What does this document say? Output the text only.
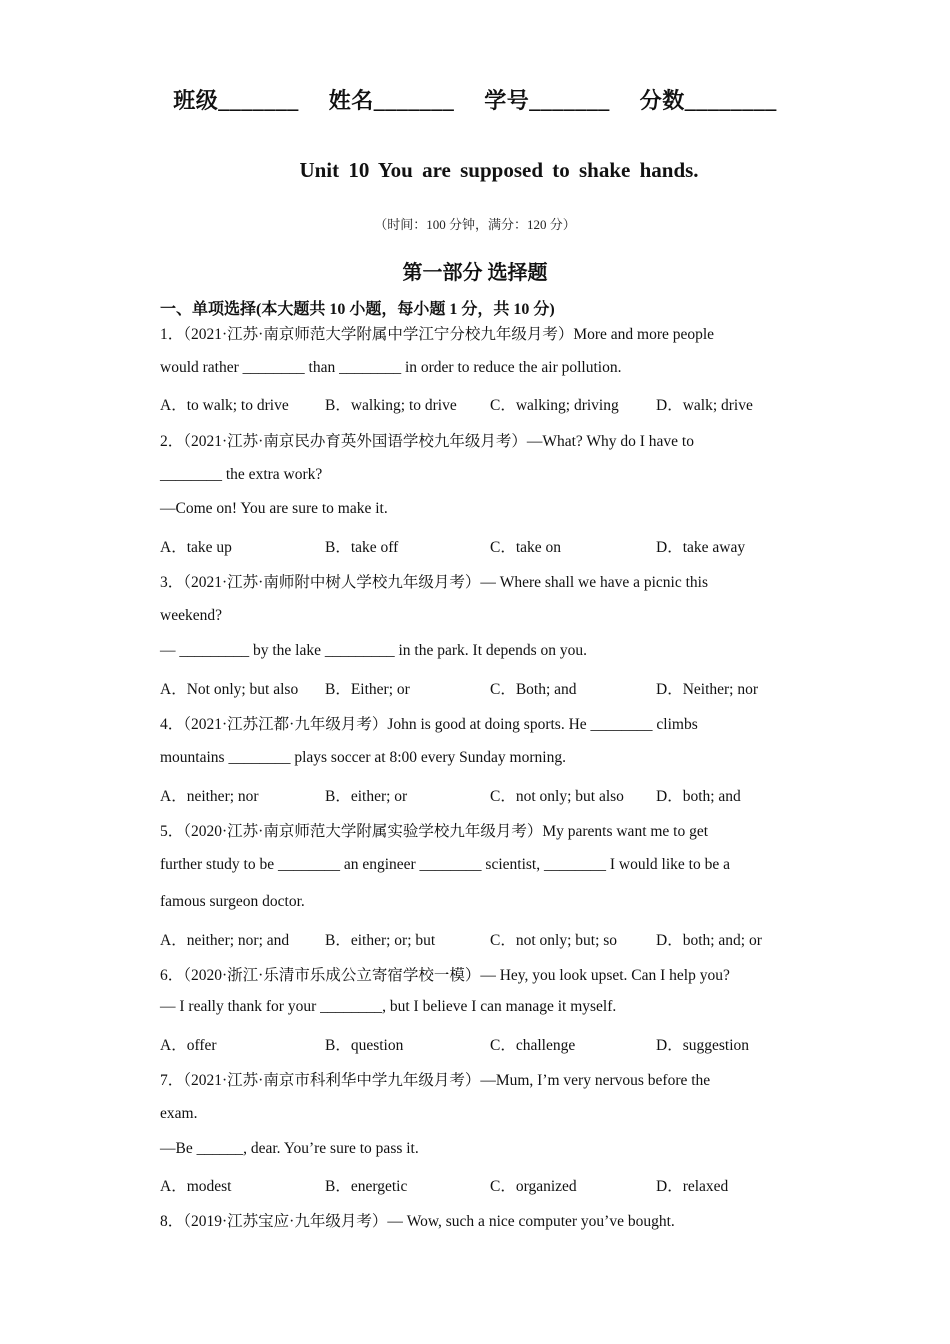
班级_______ 姓名_______ 学号_______ 分数________
Unit 10 You are supposed to shake hands.
（时间：100 分钟，满分：120 分）
第一部分 选择题
一、单项选择(本大题共 10 小题，每小题 1 分，共 10 分)
1．（2021·江苏·南京师范大学附属中学江宁分校九年级月考）More and more people
would rather ________ than ________ in order to reduce the air pollution.
A．to walk; to drive B．walking; to drive C．walking; driving D．walk; drive
2．（2021·江苏·南京民办育英外国语学校九年级月考）—What? Why do I have to
________ the extra work?
—Come on! You are sure to make it.
A．take up	B．take off	C．take on	D．take away
3．（2021·江苏·南师附中树人学校九年级月考）— Where shall we have a picnic this
weekend?
— _________ by the lake _________ in the park. It depends on you.
A．Not only; but also B．Either; or	C．Both; and	D．Neither; nor
4．（2021·江苏江都·九年级月考）John is good at doing sports. He ________ climbs
mountains ________ plays soccer at 8:00 every Sunday morning.
A．neither; nor	B．either; or	C．not only; but also D．both; and
5．（2020·江苏·南京师范大学附属实验学校九年级月考）My parents want me to get
further study to be ________ an engineer ________ scientist, ________ I would like to be a
famous surgeon doctor.
A．neither; nor; and B．either; or; but	C．not only; but; so	D．both; and; or
6．（2020·浙江·乐清市乐成公立寄宿学校一模）— Hey, you look upset. Can I help you?
— I really thank for your ________, but I believe I can manage it myself.
A．offer	B．question	C．challenge	D．suggestion
7．（2021·江苏·南京市科利华中学九年级月考）—Mum, I’m very nervous before the
exam.
—Be ______, dear. You’re sure to pass it.
A．modest	B．energetic	C．organized	D．relaxed
8．（2019·江苏宝应·九年级月考）— Wow, such a nice computer you’ve bought.
